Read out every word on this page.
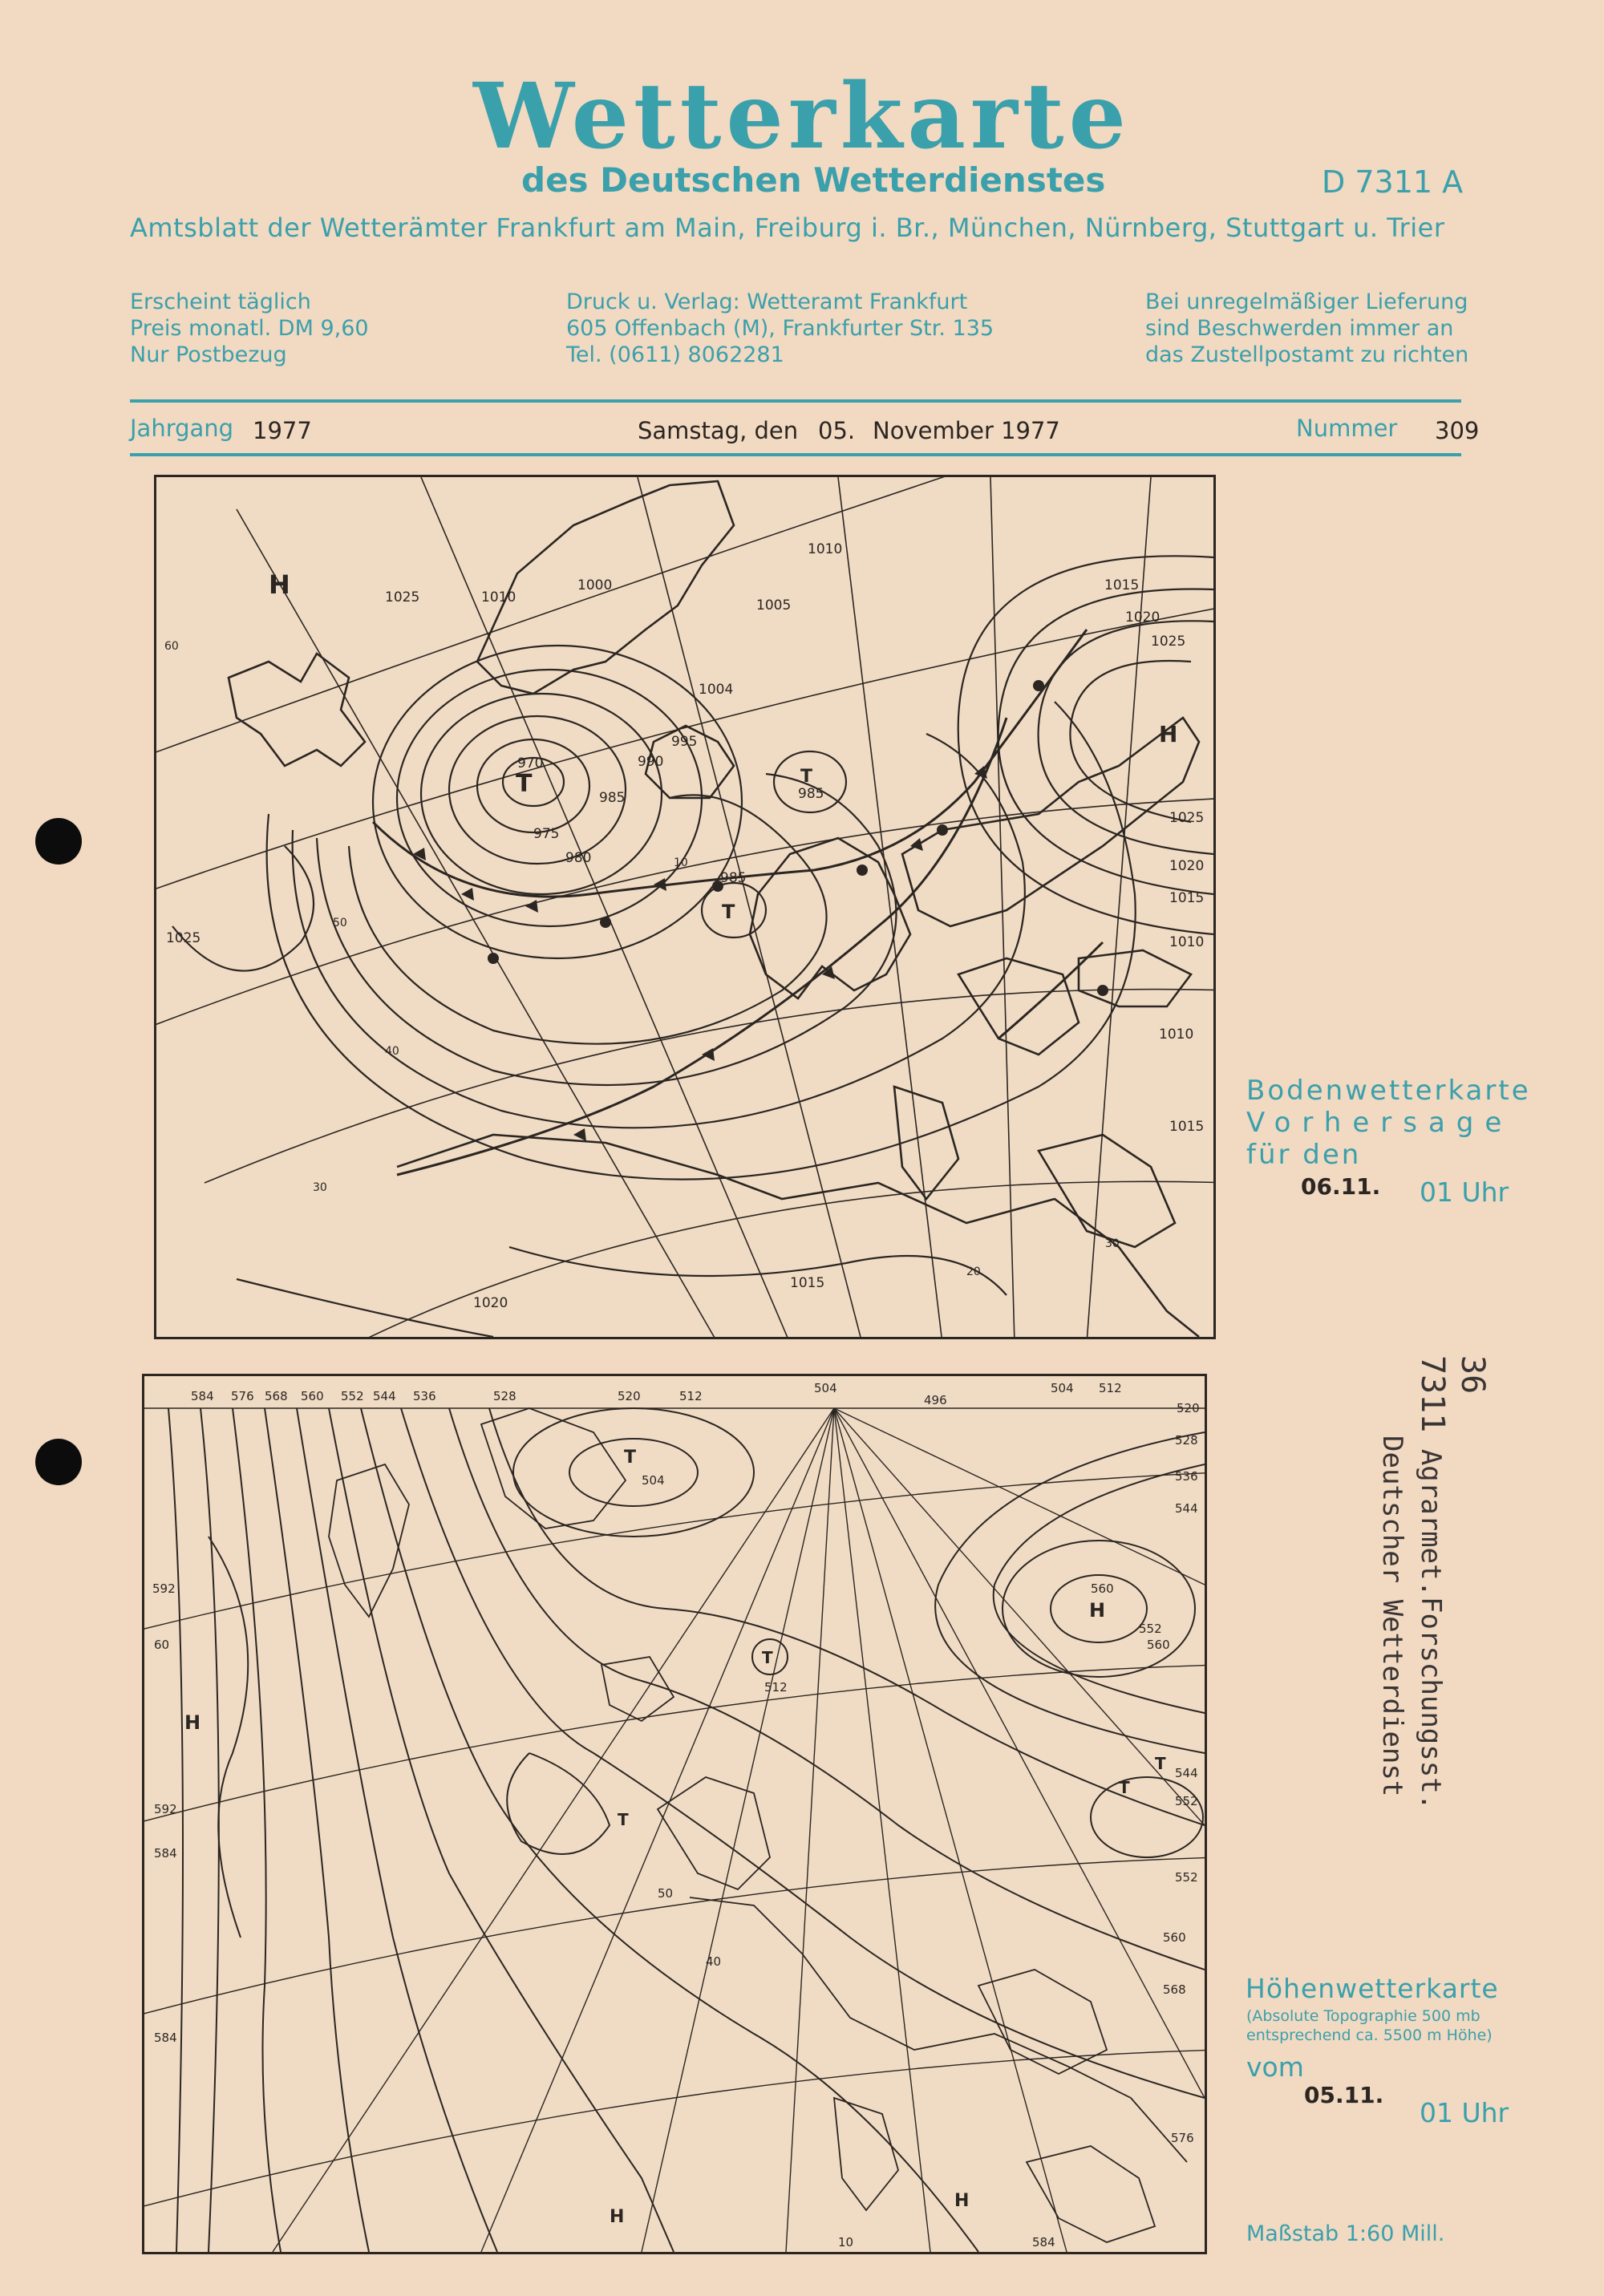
Wetterkarte
des Deutschen Wetterdienstes	D 7311 A
Amtsblatt der Wetterämter Frankfurt am Main, Freiburg i. Br., München, Nürnberg, Stuttgart u. Trier
Erscheint täglich
Preis monatl. DM 9,60
Nur Postbezug
Druck u. Verlag: Wetteramt Frankfurt
605 Offenbach (M), Frankfurter Str. 135
Tel. (0611) 8062281
Bei unregelmäßiger Lieferung
sind Beschwerden immer an
das Zustellpostamt zu richten
Jahrgang 1977	Samstag, den 05. November 1977	Nummer 309
H
H
T	T
T
1025	1010
1000
1010
1005
1015
1020
1025
1004
995
990
985
970
975
980
985
985
1025
1025
1020
1015
1010
1010
1015
1015
1020
60
50
40
30
20
30
10
Bodenwetterkarte
Vorhersage
für den
06.11. 01 Uhr
584 576 568 560 552 544 536	528	520	512
504
496
504 512
520
528
536
544
552
560
552
544
552
560
568
576
H
H
H
H
T
T
T
T
T
504
512
592
592
584
584
584
560
60
50
40
10
Höhenwetterkarte
(Absolute Topographie 500 mb
entsprechend ca. 5500 m Höhe)
vom
05.11.
01 Uhr
Maßstab 1:60 Mill.
36
7311 Agrarmet.Forschungsst.
Deutscher Wetterdienst
